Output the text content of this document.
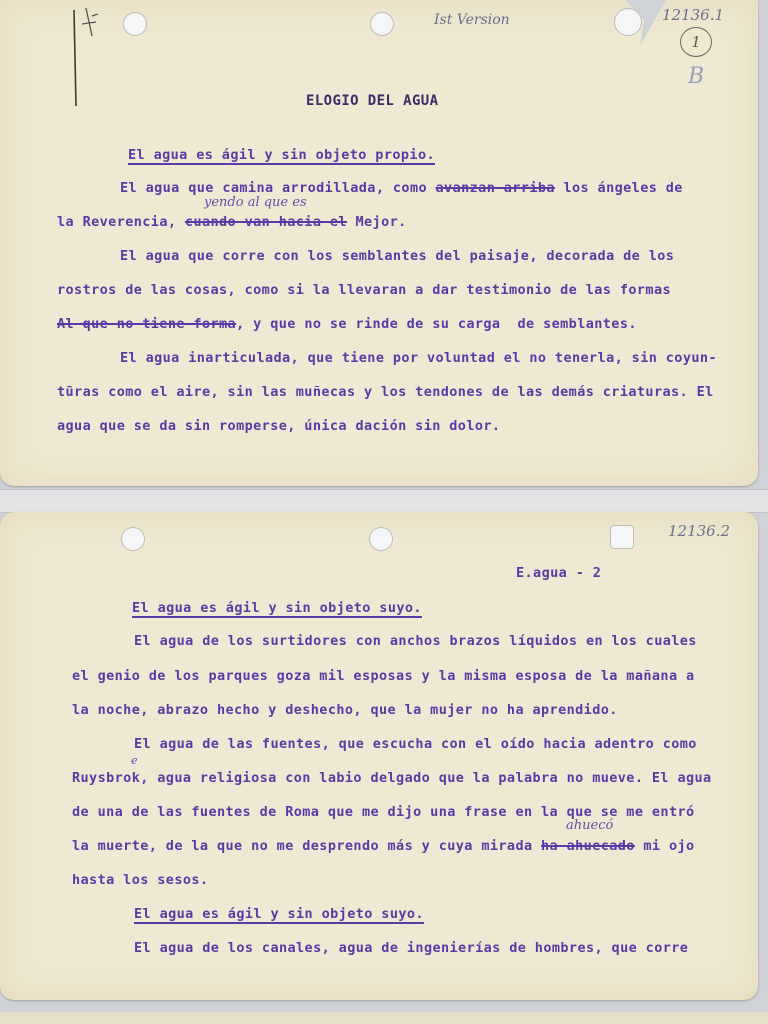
Ist Version	12136.1
1
B
ELOGIO DEL AGUA
El agua es ágil y sin objeto propio.
yendo al que es
El agua que camina arrodillada, como avanzan arriba los ángeles de
la Reverencia, cuando van hacia el Mejor.
El agua que corre con los semblantes del paisaje, decorada de los
rostros de las cosas, como si la llevaran a dar testimonio de las formas
Al que no tiene forma, y que no se rinde de su carga  de semblantes.
El agua inarticulada, que tiene por voluntad el no tenerla, sin coyun-
tūras como el aire, sin las muñecas y los tendones de las demás criaturas. El
agua que se da sin romperse, única dación sin dolor.
12136.2
E.agua - 2
El agua es ágil y sin objeto suyo.
El agua de los surtidores con anchos brazos líquidos en los cuales
el genio de los parques goza mil esposas y la misma esposa de la mañana a
la noche, abrazo hecho y deshecho, que la mujer no ha aprendido.
El agua de las fuentes, que escucha con el oído hacia adentro como
e
Ruysbrok, agua religiosa con labio delgado que la palabra no mueve. El agua
de una de las fuentes de Roma que me dijo una frase en la que se me entró
ahuecó
la muerte, de la que no me desprendo más y cuya mirada ha ahuecado mi ojo
hasta los sesos.
El agua es ágil y sin objeto suyo.
El agua de los canales, agua de ingenierías de hombres, que corre
